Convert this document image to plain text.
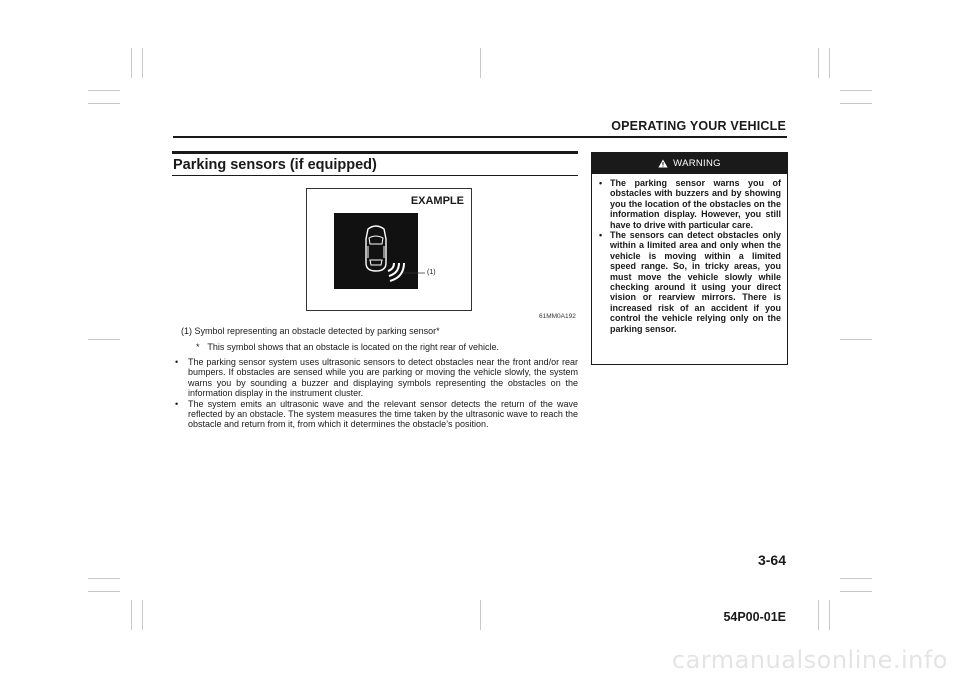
OPERATING YOUR VEHICLE
Parking sensors (if equipped)
EXAMPLE
(1)
61MM0A192
(1) Symbol representing an obstacle detected by parking sensor*
* This symbol shows that an obstacle is located on the right rear of vehicle.
• The parking sensor system uses ultrasonic sensors to detect obstacles near the front and/or rear bumpers. If obstacles are sensed while you are parking or moving the vehicle slowly, the system warns you by sounding a buzzer and displaying symbols representing the obstacles on the information display in the instrument cluster.
• The system emits an ultrasonic wave and the relevant sensor detects the return of the wave reflected by an obstacle. The system measures the time taken by the ultrasonic wave to reach the obstacle and return from it, from which it determines the obstacle’s position.
WARNING
• The parking sensor warns you of obstacles with buzzers and by showing you the location of the obstacles on the information display. However, you still have to drive with particular care.
• The sensors can detect obstacles only within a limited area and only when the vehicle is moving within a limited speed range. So, in tricky areas, you must move the vehicle slowly while checking around it using your direct vision or rearview mirrors. There is increased risk of an accident if you control the vehicle relying only on the parking sensor.
3-64
54P00-01E
carmanualsonline.info
